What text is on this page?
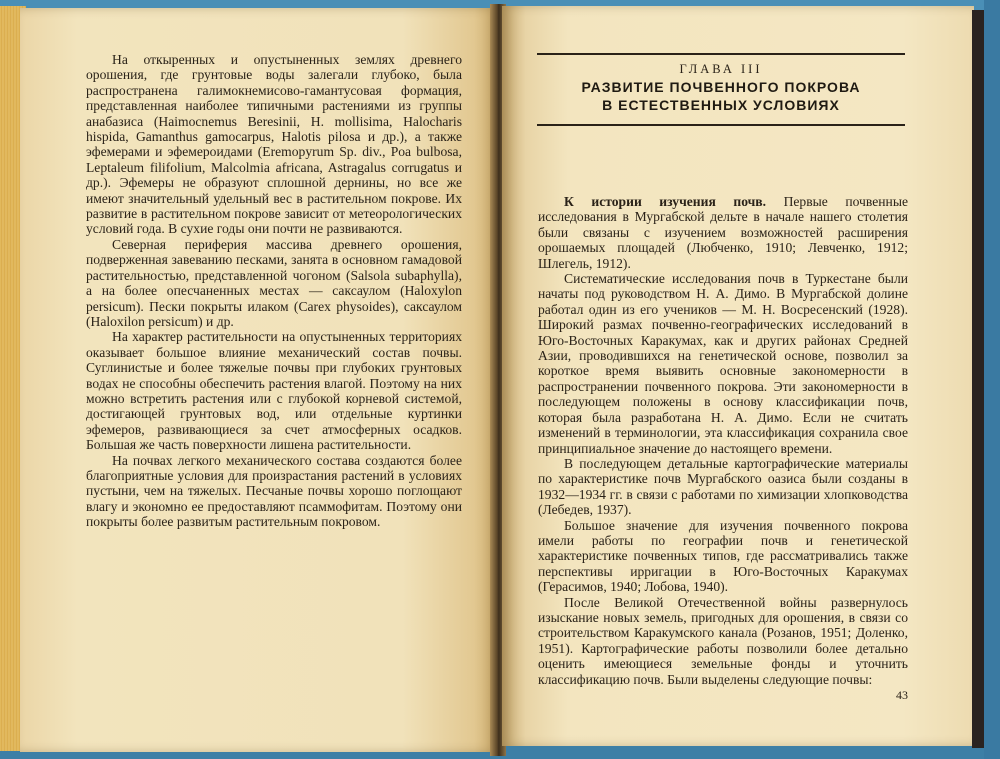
На откыренных и опустыненных землях древнего орошения, где грунтовые воды залегали глубоко, была распространена галимокнемисово-гамантусовая формация, представленная наиболее типичными растениями из группы анабазиса (Haimocnemus Beresinii, H. mollisima, Halocharis hispida, Gamanthus gamocarpus, Halotis pilosa и др.), а также эфемерами и эфемероидами (Eremopyrum Sp. div., Poa bulbosa, Leptaleum filifolium, Malcolmia africana, Astragalus corrugatus и др.). Эфемеры не образуют сплошной дернины, но все же имеют значительный удельный вес в растительном покрове. Их развитие в растительном покрове зависит от метеорологических условий года. В сухие годы они почти не развиваются.

Северная периферия массива древнего орошения, подверженная завеванию песками, занята в основном гамадовой растительностью, представленной чогоном (Salsola subaphylla), а на более опесчаненных местах — саксаулом (Haloxylon persicum). Пески покрыты илаком (Carex physoides), саксаулом (Haloxilon persicum) и др.

На характер растительности на опустыненных территориях оказывает большое влияние механический состав почвы. Суглинистые и более тяжелые почвы при глубоких грунтовых водах не способны обеспечить растения влагой. Поэтому на них можно встретить растения или с глубокой корневой системой, достигающей грунтовых вод, или отдельные куртинки эфемеров, развивающиеся за счет атмосферных осадков. Большая же часть поверхности лишена растительности.

На почвах легкого механического состава создаются более благоприятные условия для произрастания растений в условиях пустыни, чем на тяжелых. Песчаные почвы хорошо поглощают влагу и экономно ее предоставляют псаммофитам. Поэтому они покрыты более развитым растительным покровом.

ГЛАВА III
РАЗВИТИЕ ПОЧВЕННОГО ПОКРОВА
В ЕСТЕСТВЕННЫХ УСЛОВИЯХ

К истории изучения почв. Первые почвенные исследования в Мургабской дельте в начале нашего столетия были связаны с изучением возможностей расширения орошаемых площадей (Любченко, 1910; Левченко, 1912; Шлегель, 1912).

Систематические исследования почв в Туркестане были начаты под руководством Н. А. Димо. В Мургабской долине работал один из его учеников — М. Н. Восресенский (1928). Широкий размах почвенно-географических исследований в Юго-Восточных Каракумах, как и других районах Средней Азии, проводившихся на генетической основе, позволил за короткое время выявить основные закономерности в распространении почвенного покрова. Эти закономерности в последующем положены в основу классификации почв, которая была разработана Н. А. Димо. Если не считать изменений в терминологии, эта классификация сохранила свое принципиальное значение до настоящего времени.

В последующем детальные картографические материалы по характеристике почв Мургабского оазиса были созданы в 1932—1934 гг. в связи с работами по химизации хлопководства (Лебедев, 1937).

Большое значение для изучения почвенного покрова имели работы по географии почв и генетической характеристике почвенных типов, где рассматривались также перспективы ирригации в Юго-Восточных Каракумах (Герасимов, 1940; Лобова, 1940).

После Великой Отечественной войны развернулось изыскание новых земель, пригодных для орошения, в связи со строительством Каракумского канала (Розанов, 1951; Доленко, 1951). Картографические работы позволили более детально оценить имеющиеся земельные фонды и уточнить классификацию почв. Были выделены следующие почвы:

43
